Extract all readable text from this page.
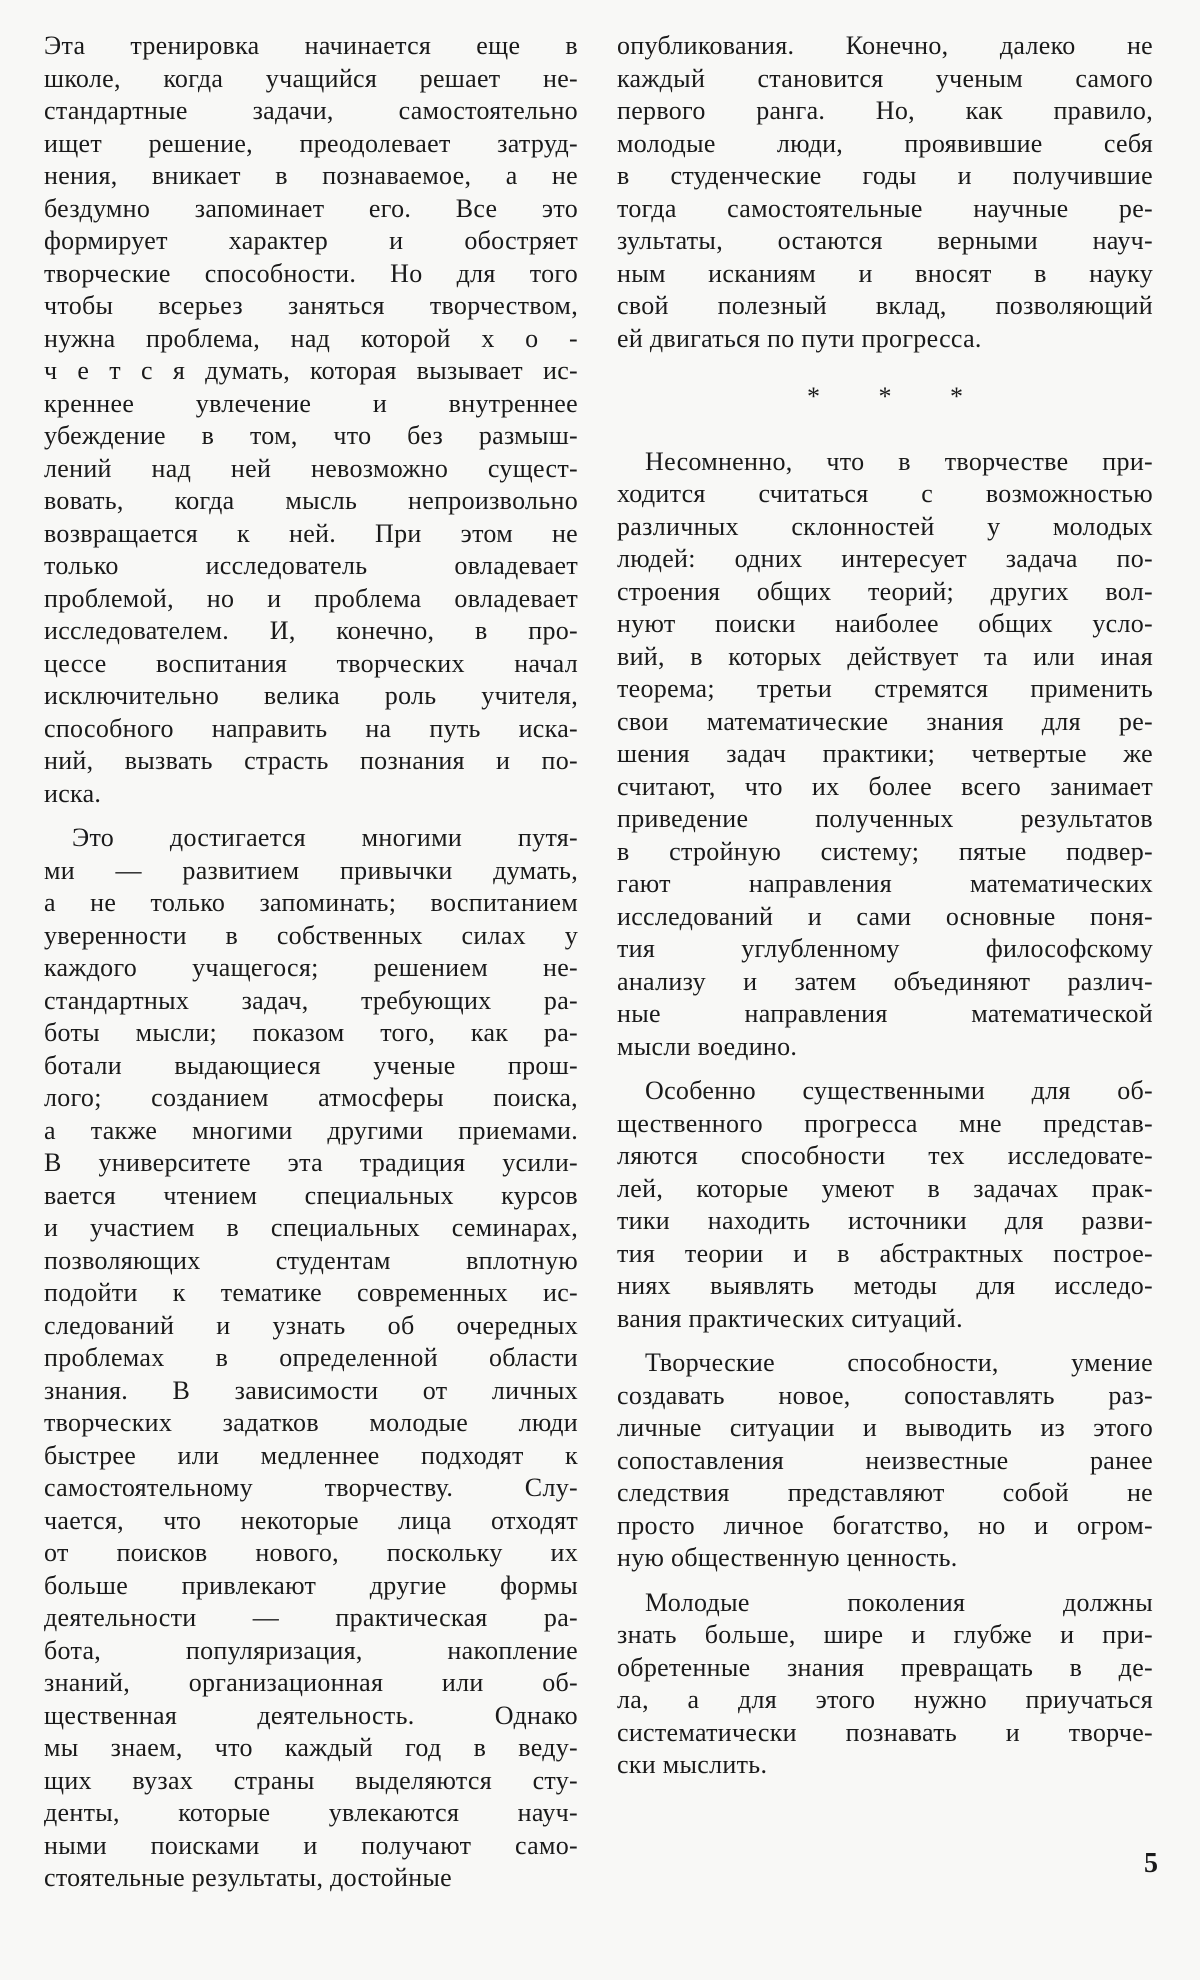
Эта тренировка начинается еще в
школе, когда учащийся решает не-
стандартные задачи, самостоятельно
ищет решение, преодолевает затруд-
нения, вникает в познаваемое, а не
бездумно запоминает его. Все это
формирует характер и обостряет
творческие способности. Но для того
чтобы всерьез заняться творчеством,
нужна проблема, над которой х о -
ч е т с я думать, которая вызывает ис-
креннее увлечение и внутреннее
убеждение в том, что без размыш-
лений над ней невозможно сущест-
вовать, когда мысль непроизвольно
возвращается к ней. При этом не
только исследователь овладевает
проблемой, но и проблема овладевает
исследователем. И, конечно, в про-
цессе воспитания творческих начал
исключительно велика роль учителя,
способного направить на путь иска-
ний, вызвать страсть познания и по-
иска.
Это достигается многими путя-
ми — развитием привычки думать,
а не только запоминать; воспитанием
уверенности в собственных силах у
каждого учащегося; решением не-
стандартных задач, требующих ра-
боты мысли; показом того, как ра-
ботали выдающиеся ученые прош-
лого; созданием атмосферы поиска,
а также многими другими приемами.
В университете эта традиция усили-
вается чтением специальных курсов
и участием в специальных семинарах,
позволяющих студентам вплотную
подойти к тематике современных ис-
следований и узнать об очередных
проблемах в определенной области
знания. В зависимости от личных
творческих задатков молодые люди
быстрее или медленнее подходят к
самостоятельному творчеству. Слу-
чается, что некоторые лица отходят
от поисков нового, поскольку их
больше привлекают другие формы
деятельности — практическая ра-
бота, популяризация, накопление
знаний, организационная или об-
щественная деятельность. Однако
мы знаем, что каждый год в веду-
щих вузах страны выделяются сту-
денты, которые увлекаются науч-
ными поисками и получают само-
стоятельные результаты, достойные
опубликования. Конечно, далеко не
каждый становится ученым самого
первого ранга. Но, как правило,
молодые люди, проявившие себя
в студенческие годы и получившие
тогда самостоятельные научные ре-
зультаты, остаются верными науч-
ным исканиям и вносят в науку
свой полезный вклад, позволяющий
ей двигаться по пути прогресса.
* * *
Несомненно, что в творчестве при-
ходится считаться с возможностью
различных склонностей у молодых
людей: одних интересует задача по-
строения общих теорий; других вол-
нуют поиски наиболее общих усло-
вий, в которых действует та или иная
теорема; третьи стремятся применить
свои математические знания для ре-
шения задач практики; четвертые же
считают, что их более всего занимает
приведение полученных результатов
в стройную систему; пятые подвер-
гают направления математических
исследований и сами основные поня-
тия углубленному философскому
анализу и затем объединяют различ-
ные направления математической
мысли воедино.
Особенно существенными для об-
щественного прогресса мне представ-
ляются способности тех исследовате-
лей, которые умеют в задачах прак-
тики находить источники для разви-
тия теории и в абстрактных построе-
ниях выявлять методы для исследо-
вания практических ситуаций.
Творческие способности, умение
создавать новое, сопоставлять раз-
личные ситуации и выводить из этого
сопоставления неизвестные ранее
следствия представляют собой не
просто личное богатство, но и огром-
ную общественную ценность.
Молодые поколения должны
знать больше, шире и глубже и при-
обретенные знания превращать в де-
ла, а для этого нужно приучаться
систематически познавать и творче-
ски мыслить.
5
